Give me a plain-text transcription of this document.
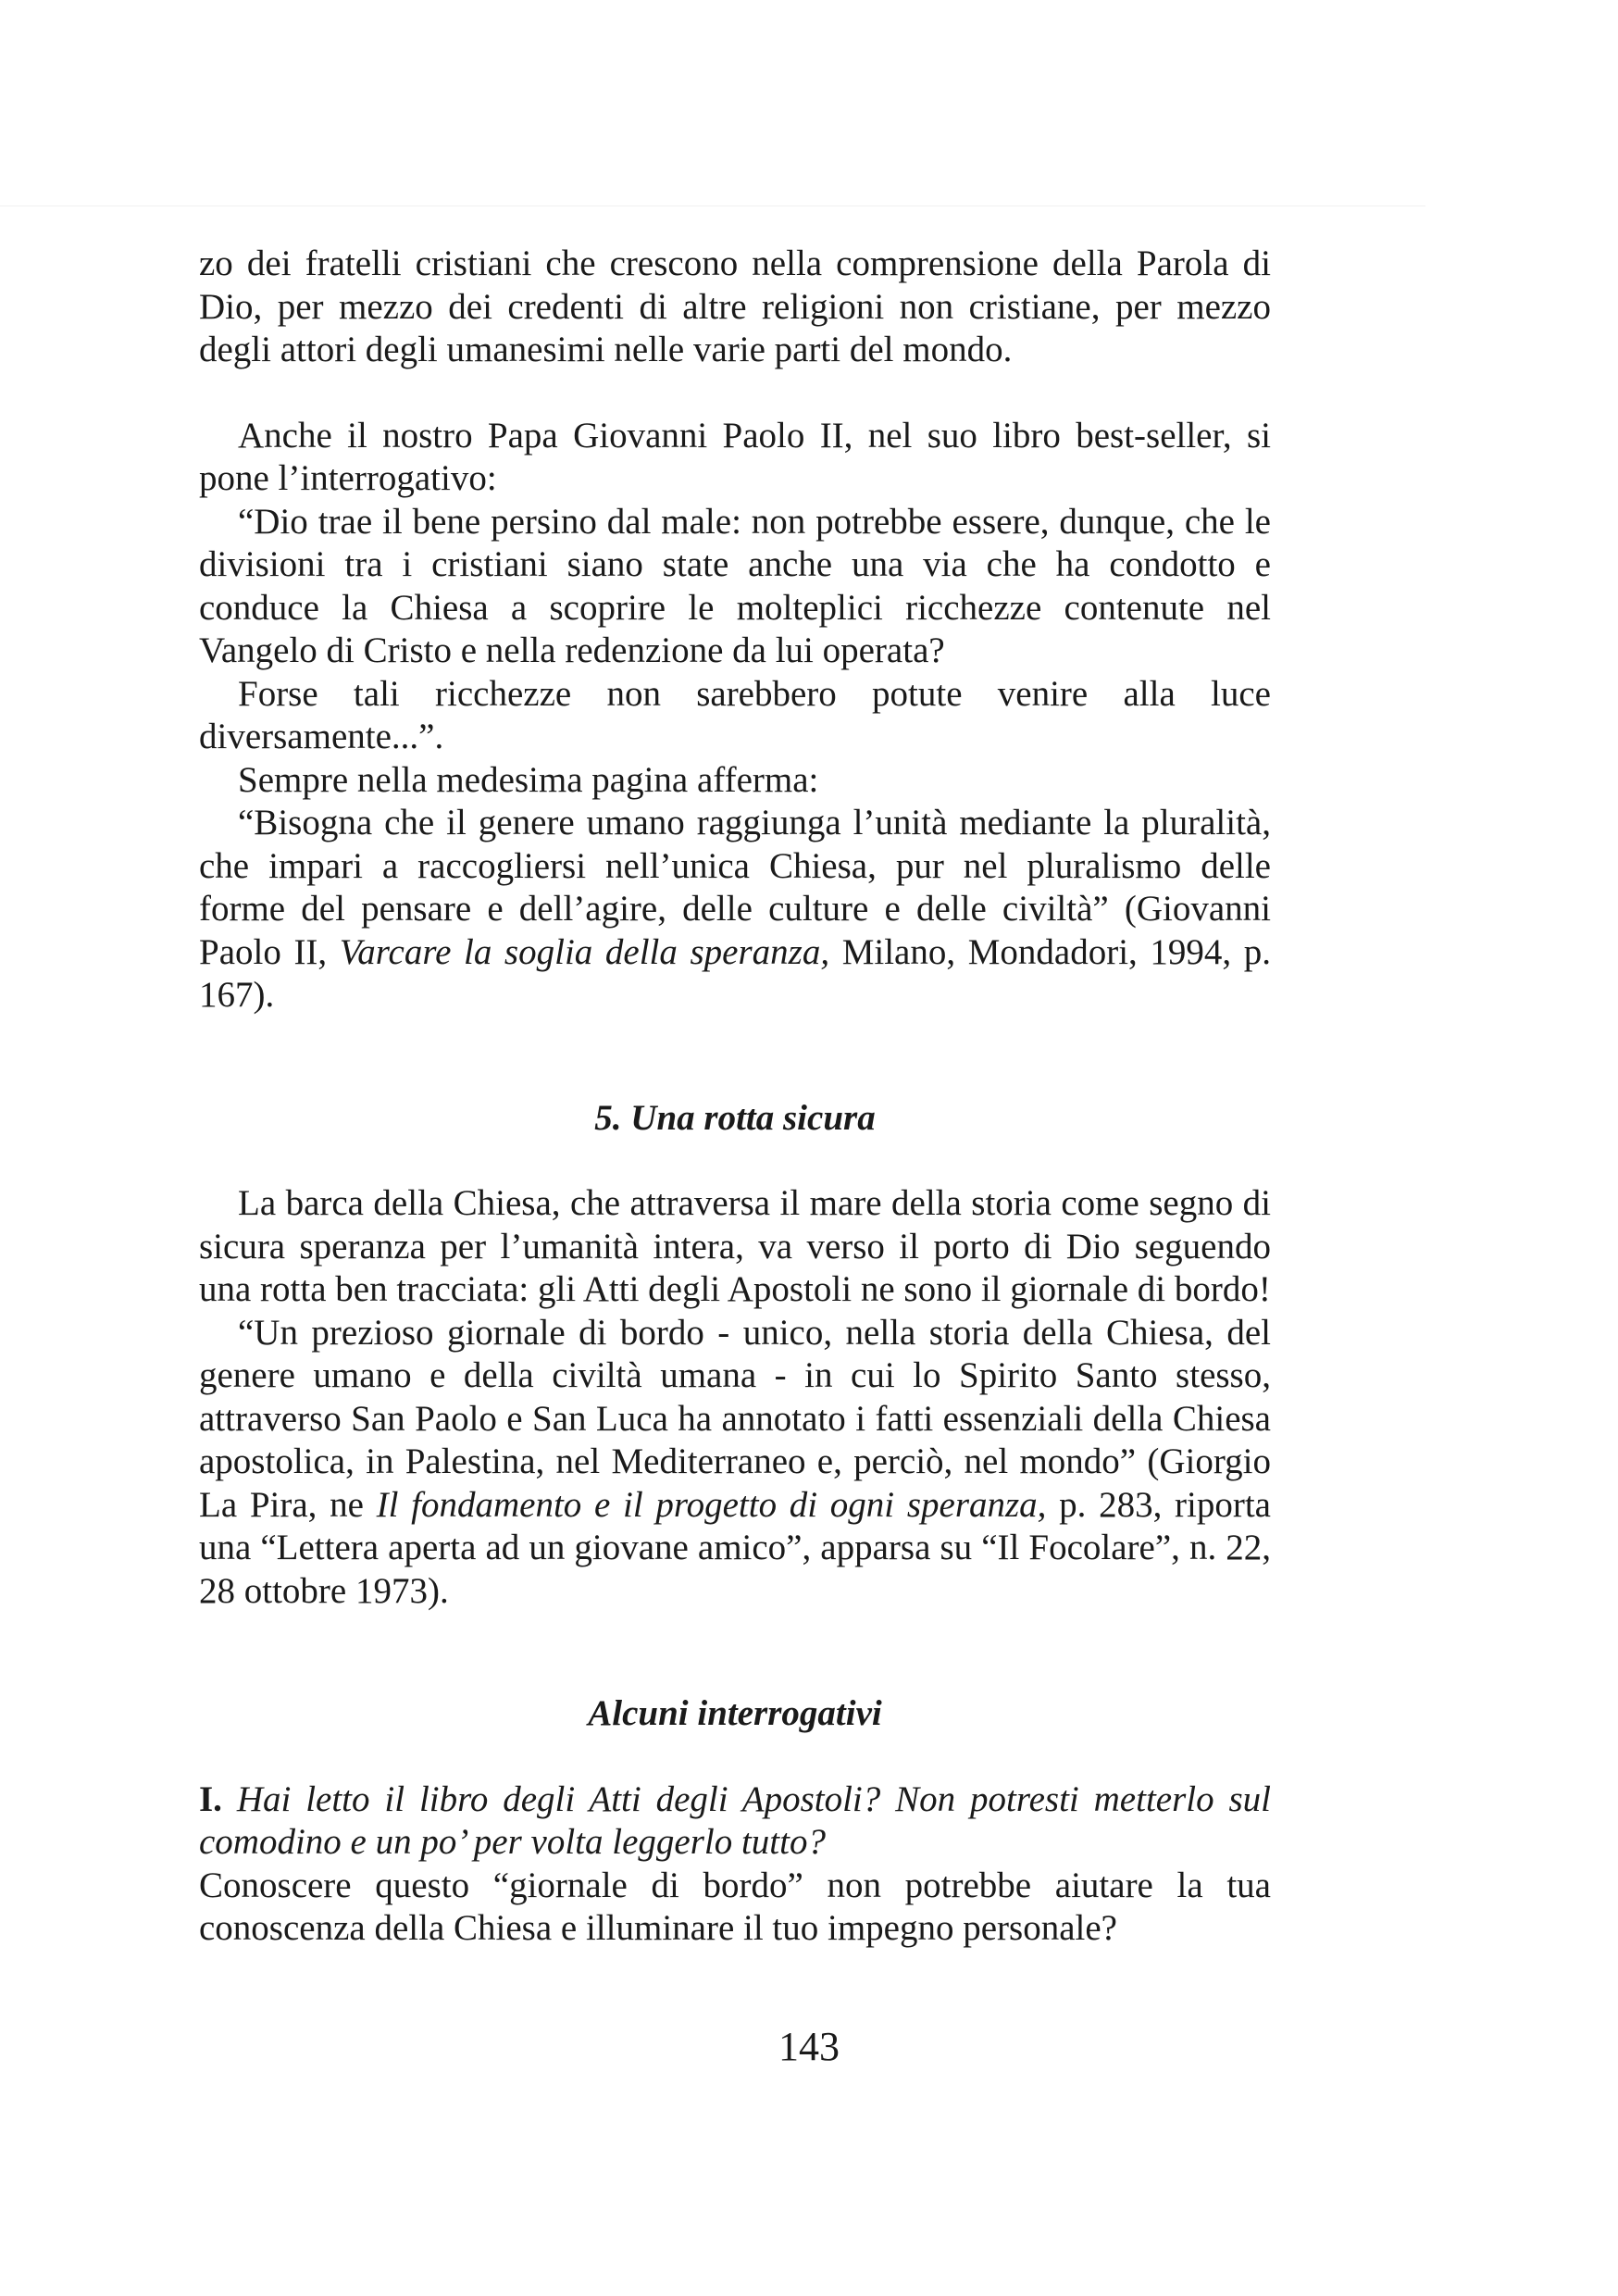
zo dei fratelli cristiani che crescono nella comprensione della Parola di Dio, per mezzo dei credenti di altre religioni non cristiane, per mezzo degli attori degli umanesimi nelle varie parti del mondo.

Anche il nostro Papa Giovanni Paolo II, nel suo libro best-seller, si pone l’interrogativo:

“Dio trae il bene persino dal male: non potrebbe essere, dunque, che le divisioni tra i cristiani siano state anche una via che ha condotto e conduce la Chiesa a scoprire le molteplici ricchezze contenute nel Vangelo di Cristo e nella redenzione da lui operata?

Forse tali ricchezze non sarebbero potute venire alla luce diversamente...”.

Sempre nella medesima pagina afferma:

“Bisogna che il genere umano raggiunga l’unità mediante la pluralità, che impari a raccogliersi nell’unica Chiesa, pur nel pluralismo delle forme del pensare e dell’agire, delle culture e delle civiltà” (Giovanni Paolo II, Varcare la soglia della speranza, Milano, Mondadori, 1994, p. 167).

5. Una rotta sicura

La barca della Chiesa, che attraversa il mare della storia come segno di sicura speranza per l’umanità intera, va verso il porto di Dio seguendo una rotta ben tracciata: gli Atti degli Apostoli ne sono il giornale di bordo!

“Un prezioso giornale di bordo - unico, nella storia della Chiesa, del genere umano e della civiltà umana - in cui lo Spirito Santo stesso, attraverso San Paolo e San Luca ha annotato i fatti essenziali della Chiesa apostolica, in Palestina, nel Mediterraneo e, perciò, nel mondo” (Giorgio La Pira, ne Il fondamento e il progetto di ogni speranza, p. 283, riporta una “Lettera aperta ad un giovane amico”, apparsa su “Il Focolare”, n. 22, 28 ottobre 1973).

Alcuni interrogativi

I. Hai letto il libro degli Atti degli Apostoli? Non potresti metterlo sul comodino e un po’ per volta leggerlo tutto?

Conoscere questo “giornale di bordo” non potrebbe aiutare la tua conoscenza della Chiesa e illuminare il tuo impegno personale?

143
